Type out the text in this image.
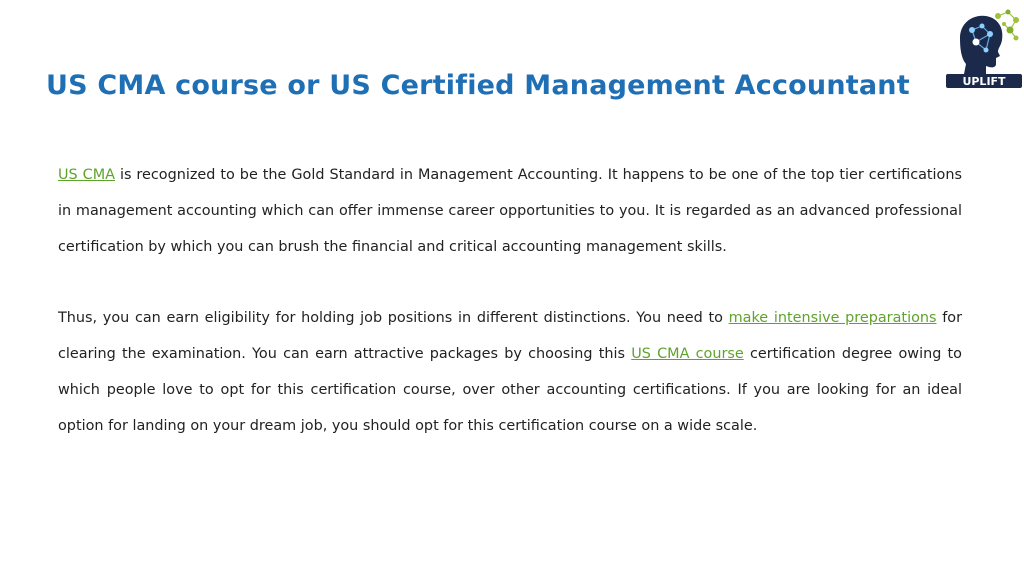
US CMA course or US Certified Management Accountant	UPLIFT

US CMA is recognized to be the Gold Standard in Management Accounting. It happens to be one of the top tier certifications in management accounting which can offer immense career opportunities to you. It is regarded as an advanced professional certification by which you can brush the financial and critical accounting management skills.

Thus, you can earn eligibility for holding job positions in different distinctions. You need to make intensive preparations for clearing the examination. You can earn attractive packages by choosing this US CMA course certification degree owing to which people love to opt for this certification course, over other accounting certifications. If you are looking for an ideal option for landing on your dream job, you should opt for this certification course on a wide scale.
